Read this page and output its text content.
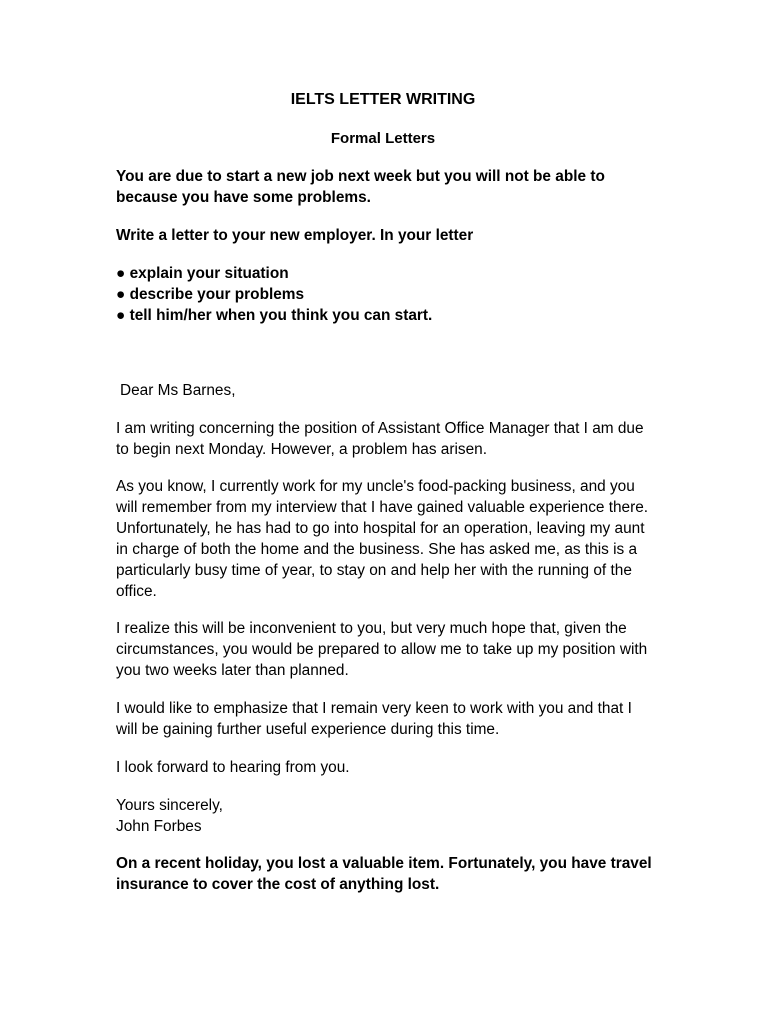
IELTS LETTER WRITING
Formal Letters

You are due to start a new job next week but you will not be able to because you have some problems.

Write a letter to your new employer. In your letter

● explain your situation
● describe your problems
● tell him/her when you think you can start.

Dear Ms Barnes,

I am writing concerning the position of Assistant Office Manager that I am due to begin next Monday. However, a problem has arisen.

As you know, I currently work for my uncle's food-packing business, and you will remember from my interview that I have gained valuable experience there. Unfortunately, he has had to go into hospital for an operation, leaving my aunt in charge of both the home and the business. She has asked me, as this is a particularly busy time of year, to stay on and help her with the running of the office.

I realize this will be inconvenient to you, but very much hope that, given the circumstances, you would be prepared to allow me to take up my position with you two weeks later than planned.

I would like to emphasize that I remain very keen to work with you and that I will be gaining further useful experience during this time.

I look forward to hearing from you.

Yours sincerely,

John Forbes

On a recent holiday, you lost a valuable item. Fortunately, you have travel insurance to cover the cost of anything lost.
